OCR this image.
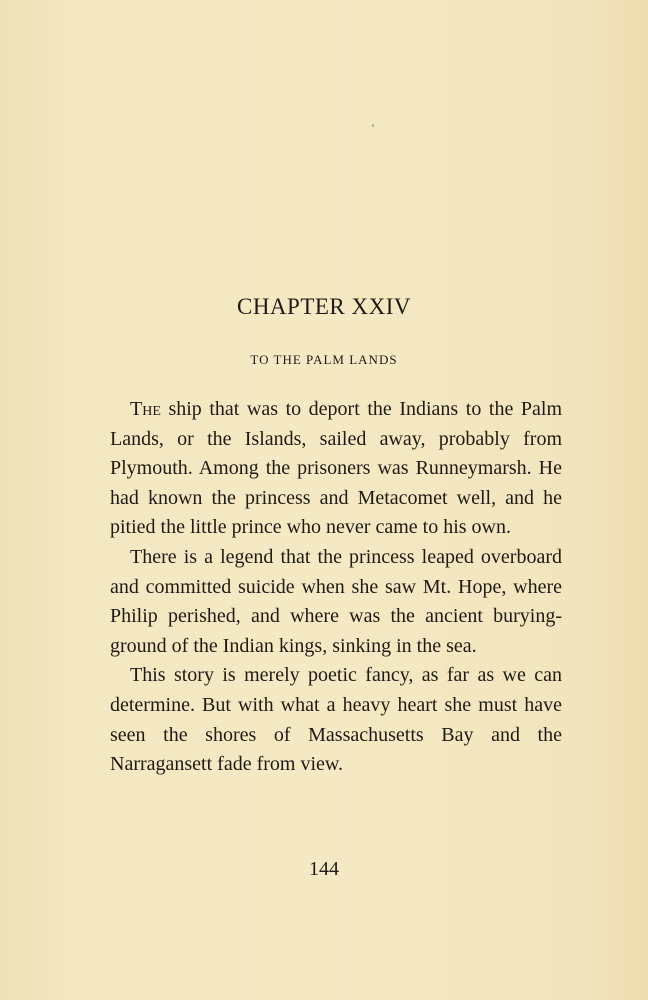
CHAPTER XXIV
TO THE PALM LANDS

The ship that was to deport the Indians to the Palm Lands, or the Islands, sailed away, probably from Plymouth. Among the prisoners was Runneymarsh. He had known the princess and Metacomet well, and he pitied the little prince who never came to his own.

There is a legend that the princess leaped overboard and committed suicide when she saw Mt. Hope, where Philip perished, and where was the ancient burying-ground of the Indian kings, sinking in the sea.

This story is merely poetic fancy, as far as we can determine. But with what a heavy heart she must have seen the shores of Massachusetts Bay and the Narragansett fade from view.

144
